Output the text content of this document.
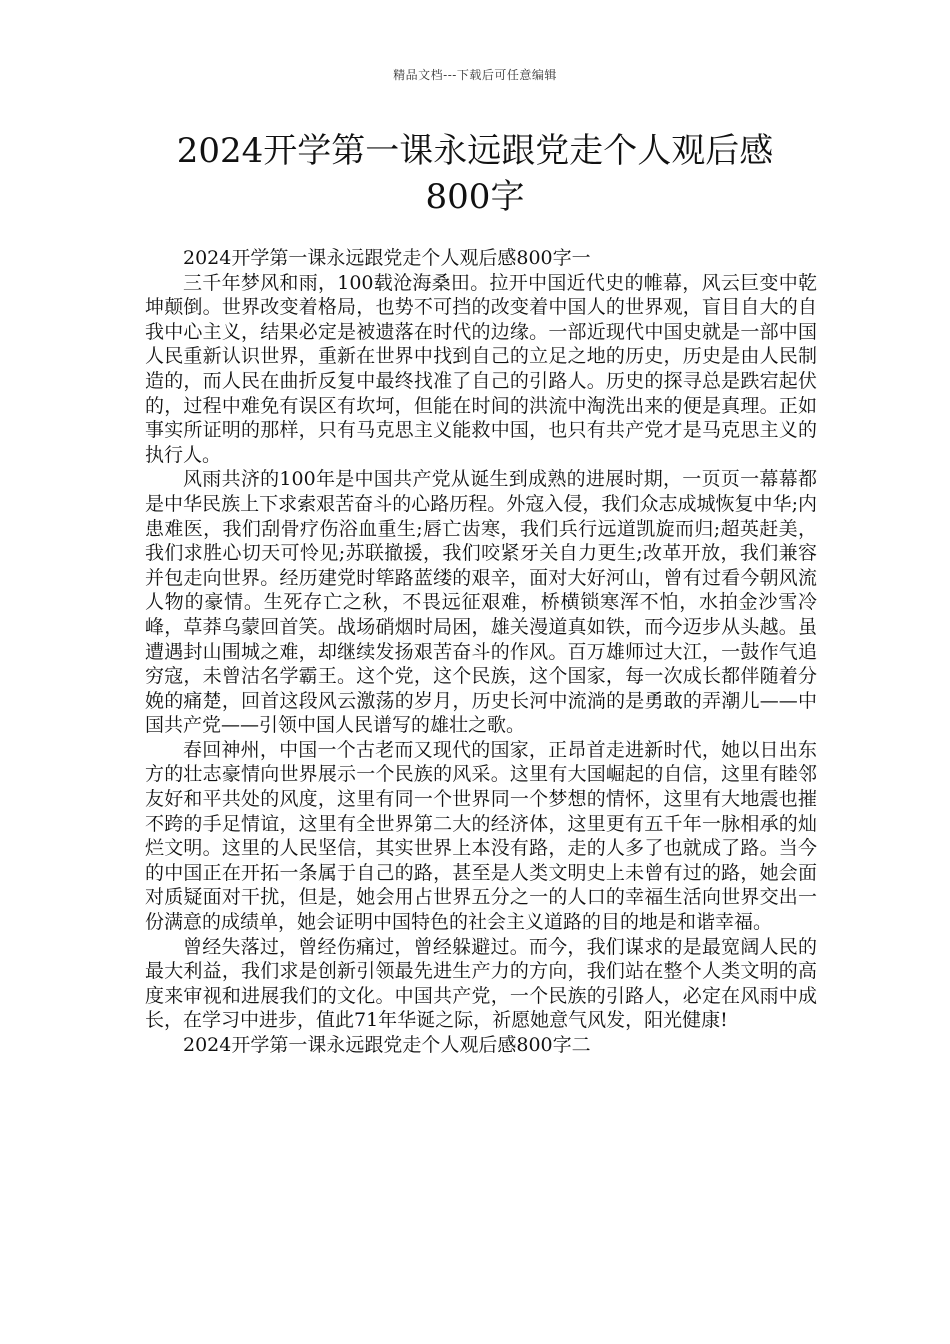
精品文档---下载后可任意编辑
2024开学第一课永远跟党走个人观后感800字

2024开学第一课永远跟党走个人观后感800字一

三千年梦风和雨，100载沧海桑田。拉开中国近代史的帷幕，风云巨变中乾坤颠倒。世界改变着格局，也势不可挡的改变着中国人的世界观，盲目自大的自我中心主义，结果必定是被遗落在时代的边缘。一部近现代中国史就是一部中国人民重新认识世界，重新在世界中找到自己的立足之地的历史，历史是由人民制造的，而人民在曲折反复中最终找准了自己的引路人。历史的探寻总是跌宕起伏的，过程中难免有误区有坎坷，但能在时间的洪流中淘洗出来的便是真理。正如事实所证明的那样，只有马克思主义能救中国，也只有共产党才是马克思主义的执行人。

风雨共济的100年是中国共产党从诞生到成熟的进展时期，一页页一幕幕都是中华民族上下求索艰苦奋斗的心路历程。外寇入侵，我们众志成城恢复中华;内患难医，我们刮骨疗伤浴血重生;唇亡齿寒，我们兵行远道凯旋而归;超英赶美，我们求胜心切天可怜见;苏联撤援，我们咬紧牙关自力更生;改革开放，我们兼容并包走向世界。经历建党时筚路蓝缕的艰辛，面对大好河山，曾有过看今朝风流人物的豪情。生死存亡之秋，不畏远征艰难，桥横锁寒浑不怕，水拍金沙雪冷峰，草莽乌蒙回首笑。战场硝烟时局困，雄关漫道真如铁，而今迈步从头越。虽遭遇封山围城之难，却继续发扬艰苦奋斗的作风。百万雄师过大江，一鼓作气追穷寇，未曾沽名学霸王。这个党，这个民族，这个国家，每一次成长都伴随着分娩的痛楚，回首这段风云激荡的岁月，历史长河中流淌的是勇敢的弄潮儿——中国共产党——引领中国人民谱写的雄壮之歌。

春回神州，中国一个古老而又现代的国家，正昂首走进新时代，她以日出东方的壮志豪情向世界展示一个民族的风采。这里有大国崛起的自信，这里有睦邻友好和平共处的风度，这里有同一个世界同一个梦想的情怀，这里有大地震也摧不跨的手足情谊，这里有全世界第二大的经济体，这里更有五千年一脉相承的灿烂文明。这里的人民坚信，其实世界上本没有路，走的人多了也就成了路。当今的中国正在开拓一条属于自己的路，甚至是人类文明史上未曾有过的路，她会面对质疑面对干扰，但是，她会用占世界五分之一的人口的幸福生活向世界交出一份满意的成绩单，她会证明中国特色的社会主义道路的目的地是和谐幸福。

曾经失落过，曾经伤痛过，曾经躲避过。而今，我们谋求的是最宽阔人民的最大利益，我们求是创新引领最先进生产力的方向，我们站在整个人类文明的高度来审视和进展我们的文化。中国共产党，一个民族的引路人，必定在风雨中成长，在学习中进步，值此71年华诞之际，祈愿她意气风发，阳光健康!

2024开学第一课永远跟党走个人观后感800字二
